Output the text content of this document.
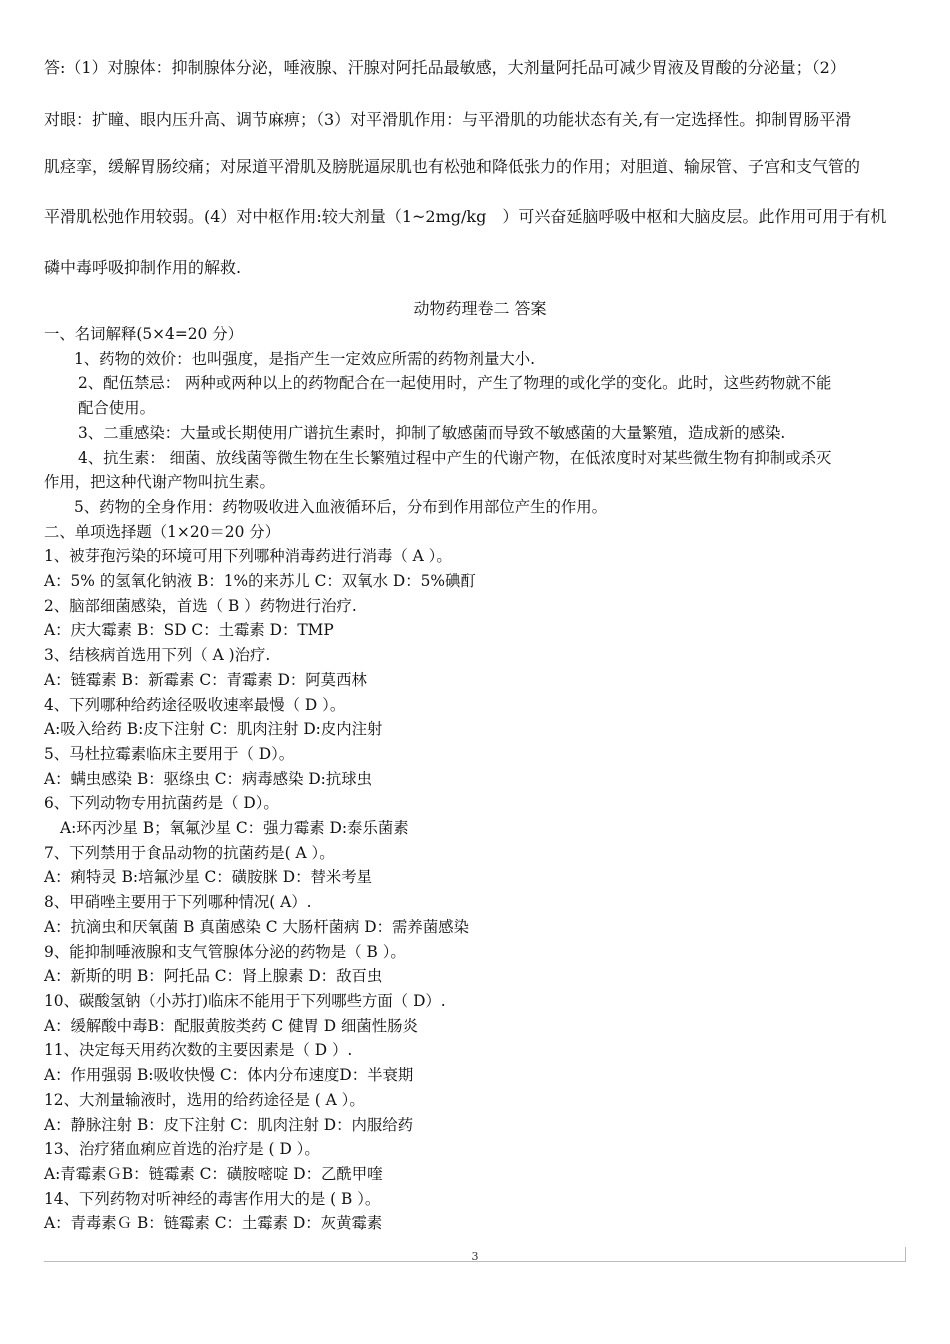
答:（1）对腺体：抑制腺体分泌，唾液腺、汗腺对阿托品最敏感，大剂量阿托品可减少胃液及胃酸的分泌量；（2）
对眼：扩瞳、眼内压升高、调节麻痹；（3）对平滑肌作用：与平滑肌的功能状态有关,有一定选择性。抑制胃肠平滑
肌痉挛，缓解胃肠绞痛；对尿道平滑肌及膀胱逼尿肌也有松弛和降低张力的作用；对胆道、输尿管、子宫和支气管的
平滑肌松弛作用较弱。(4）对中枢作用:较大剂量（1~2mg/kg　）可兴奋延脑呼吸中枢和大脑皮层。此作用可用于有机
磷中毒呼吸抑制作用的解救.
动物药理卷二 答案
一、名词解释(5×4=20 分）
1、药物的效价：也叫强度，是指产生一定效应所需的药物剂量大小.
2、配伍禁忌： 两种或两种以上的药物配合在一起使用时，产生了物理的或化学的变化。此时，这些药物就不能
配合使用。
3、二重感染：大量或长期使用广谱抗生素时，抑制了敏感菌而导致不敏感菌的大量繁殖，造成新的感染.
4、抗生素： 细菌、放线菌等微生物在生长繁殖过程中产生的代谢产物，在低浓度时对某些微生物有抑制或杀灭
作用，把这种代谢产物叫抗生素。
5、药物的全身作用：药物吸收进入血液循环后，分布到作用部位产生的作用。
二、单项选择题（1×20＝20 分）
1、被芽孢污染的环境可用下列哪种消毒药进行消毒（ A ）。
A：5% 的氢氧化钠液 B：1%的来苏儿 C：双氧水 D：5%碘酊
2、脑部细菌感染，首选（ B ）药物进行治疗.
A：庆大霉素 B：SD C：土霉素 D：TMP
3、结核病首选用下列（ A )治疗.
A：链霉素 B：新霉素 C：青霉素 D：阿莫西林
4、下列哪种给药途径吸收速率最慢（ D ）。
A:吸入给药 B:皮下注射 C：肌肉注射 D:皮内注射
5、马杜拉霉素临床主要用于（ D）。
A：螨虫感染 B：驱绦虫 C：病毒感染 D:抗球虫
6、下列动物专用抗菌药是（ D）。
A:环丙沙星 B；氧氟沙星 C：强力霉素 D:泰乐菌素
7、下列禁用于食品动物的抗菌药是( A ）。
A：痢特灵 B:培氟沙星 C：磺胺脒 D：替米考星
8、甲硝唑主要用于下列哪种情况( A）.
A：抗滴虫和厌氧菌 B 真菌感染 C 大肠杆菌病 D：需养菌感染
9、能抑制唾液腺和支气管腺体分泌的药物是（ B ）。
A：新斯的明 B：阿托品 C：肾上腺素 D：敌百虫
10、碳酸氢钠（小苏打)临床不能用于下列哪些方面（ D）.
A：缓解酸中毒B：配服黄胺类药 C 健胃 D 细菌性肠炎
11、决定每天用药次数的主要因素是（ D ）.
A：作用强弱 B:吸收快慢 C：体内分布速度D：半衰期
12、大剂量输液时，选用的给药途径是 ( A ）。
A：静脉注射 B：皮下注射 C：肌肉注射 D：内服给药
13、治疗猪血痢应首选的治疗是 ( D ）。
A:青霉素ＧB：链霉素 C：磺胺嘧啶 D：乙酰甲喹
14、下列药物对听神经的毒害作用大的是 ( B ）。
A：青毒素Ｇ B：链霉素 C：土霉素 D：灰黄霉素
3
